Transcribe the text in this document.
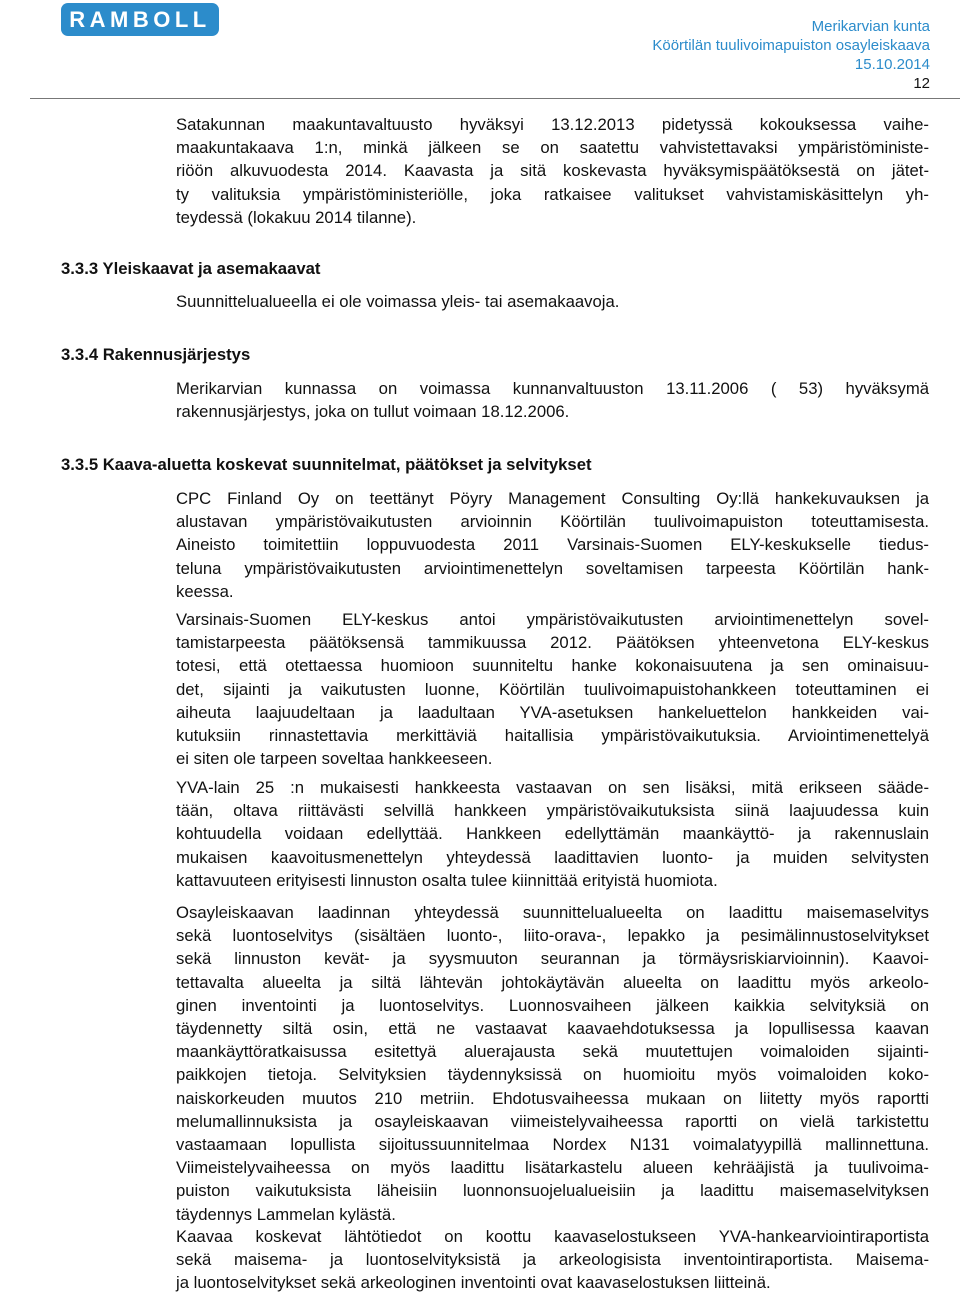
RAMBOLL	Merikarvian kunta
Köörtilän tuulivoimapuiston osayleiskaava
15.10.2014
12
Satakunnan maakuntavaltuusto hyväksyi 13.12.2013 pidetyssä kokouksessa vaihe-
maakuntakaava 1:n, minkä jälkeen se on saatettu vahvistettavaksi ympäristöministe-
riöön alkuvuodesta 2014. Kaavasta ja sitä koskevasta hyväksymispäätöksestä on jätet-
ty valituksia ympäristöministeriölle, joka ratkaisee valitukset vahvistamiskäsittelyn yh-
teydessä (lokakuu 2014 tilanne).
3.3.3 Yleiskaavat ja asemakaavat
Suunnittelualueella ei ole voimassa yleis- tai asemakaavoja.
3.3.4 Rakennusjärjestys
Merikarvian kunnassa on voimassa kunnanvaltuuston 13.11.2006 ( 53) hyväksymä
rakennusjärjestys, joka on tullut voimaan 18.12.2006.
3.3.5 Kaava-aluetta koskevat suunnitelmat, päätökset ja selvitykset
CPC Finland Oy on teettänyt Pöyry Management Consulting Oy:llä hankekuvauksen ja
alustavan ympäristövaikutusten arvioinnin Köörtilän tuulivoimapuiston toteuttamisesta.
Aineisto toimitettiin loppuvuodesta 2011 Varsinais-Suomen ELY-keskukselle tiedus-
teluna ympäristövaikutusten arviointimenettelyn soveltamisen tarpeesta Köörtilän hank-
keessa.
Varsinais-Suomen ELY-keskus antoi ympäristövaikutusten arviointimenettelyn sovel-
tamistarpeesta päätöksensä tammikuussa 2012. Päätöksen yhteenvetona ELY-keskus
totesi, että otettaessa huomioon suunniteltu hanke kokonaisuutena ja sen ominaisuu-
det, sijainti ja vaikutusten luonne, Köörtilän tuulivoimapuistohankkeen toteuttaminen ei
aiheuta laajuudeltaan ja laadultaan YVA-asetuksen hankeluettelon hankkeiden vai-
kutuksiin rinnastettavia merkittäviä haitallisia ympäristövaikutuksia. Arviointimenettelyä
ei siten ole tarpeen soveltaa hankkeeseen.
YVA-lain 25 :n mukaisesti hankkeesta vastaavan on sen lisäksi, mitä erikseen sääde-
tään, oltava riittävästi selvillä hankkeen ympäristövaikutuksista siinä laajuudessa kuin
kohtuudella voidaan edellyttää. Hankkeen edellyttämän maankäyttö- ja rakennuslain
mukaisen kaavoitusmenettelyn yhteydessä laadittavien luonto- ja muiden selvitysten
kattavuuteen erityisesti linnuston osalta tulee kiinnittää erityistä huomiota.
Osayleiskaavan laadinnan yhteydessä suunnittelualueelta on laadittu maisemaselvitys
sekä luontoselvitys (sisältäen luonto-, liito-orava-, lepakko ja pesimälinnustoselvitykset
sekä linnuston kevät- ja syysmuuton seurannan ja törmäysriskiarvioinnin). Kaavoi-
tettavalta alueelta ja siltä lähtevän johtokäytävän alueelta on laadittu myös arkeolo-
ginen inventointi ja luontoselvitys. Luonnosvaiheen jälkeen kaikkia selvityksiä on
täydennetty siltä osin, että ne vastaavat kaavaehdotuksessa ja lopullisessa kaavan
maankäyttöratkaisussa esitettyä aluerajausta sekä muutettujen voimaloiden sijainti-
paikkojen tietoja. Selvityksien täydennyksissä on huomioitu myös voimaloiden koko-
naiskorkeuden muutos 210 metriin. Ehdotusvaiheessa mukaan on liitetty myös raportti
melumallinnuksista ja osayleiskaavan viimeistelyvaiheessa raportti on vielä tarkistettu
vastaamaan lopullista sijoitussuunnitelmaa Nordex N131 voimalatyypillä mallinnettuna.
Viimeistelyvaiheessa on myös laadittu lisätarkastelu alueen kehrääjistä ja tuulivoima-
puiston vaikutuksista läheisiin luonnonsuojelualueisiin ja laadittu maisemaselvityksen
täydennys Lammelan kylästä.
Kaavaa koskevat lähtötiedot on koottu kaavaselostukseen YVA-hankearviointiraportista
sekä maisema- ja luontoselvityksistä ja arkeologisista inventointiraportista. Maisema-
ja luontoselvitykset sekä arkeologinen inventointi ovat kaavaselostuksen liitteinä.
